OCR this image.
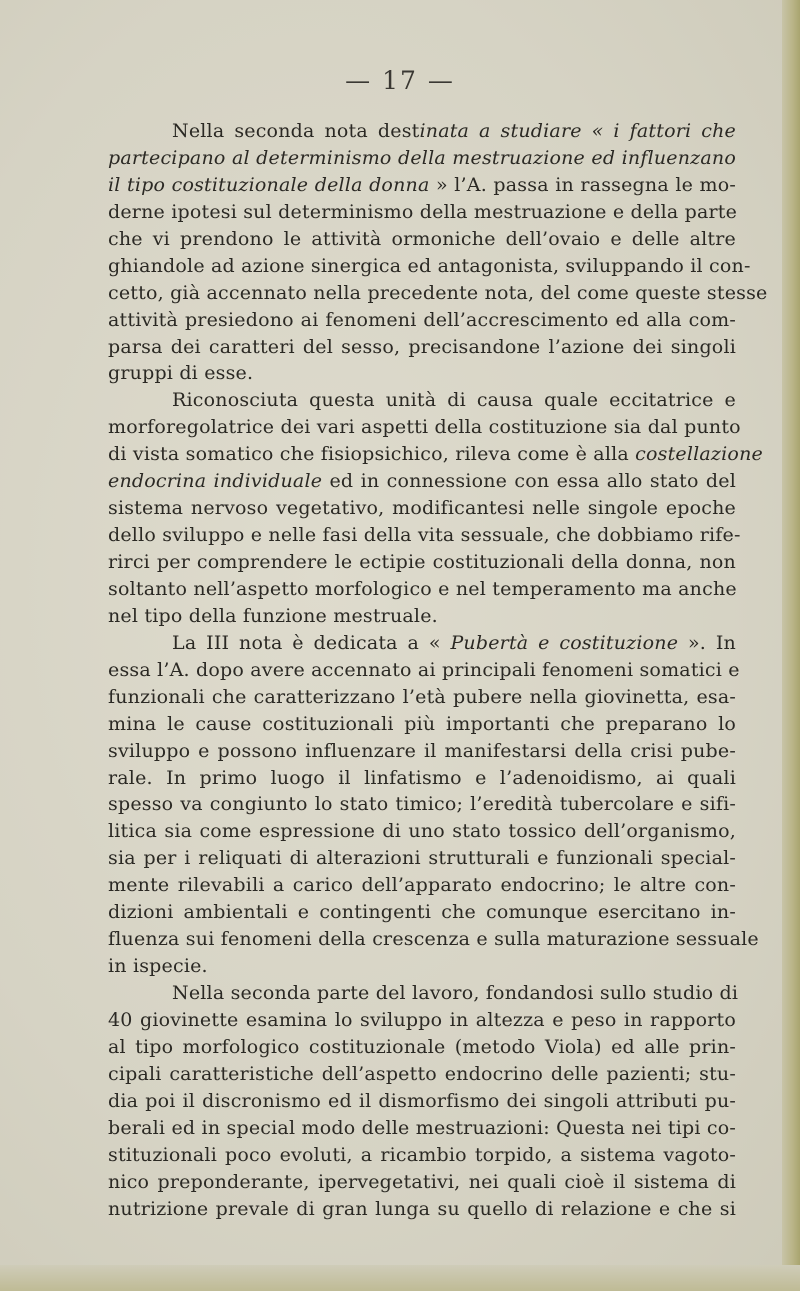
— 17 —
Nella seconda nota destinata a studiare « i fattori che
partecipano al determinismo della mestruazione ed influenzano
il tipo costituzionale della donna » l’A. passa in rassegna le mo-
derne ipotesi sul determinismo della mestruazione e della parte
che vi prendono le attività ormoniche dell’ovaio e delle altre
ghiandole ad azione sinergica ed antagonista, sviluppando il con-
cetto, già accennato nella precedente nota, del come queste stesse
attività presiedono ai fenomeni dell’accrescimento ed alla com-
parsa dei caratteri del sesso, precisandone l’azione dei singoli
gruppi di esse.
Riconosciuta questa unità di causa quale eccitatrice e
morforegolatrice dei vari aspetti della costituzione sia dal punto
di vista somatico che fisiopsichico, rileva come è alla costellazione
endocrina individuale ed in connessione con essa allo stato del
sistema nervoso vegetativo, modificantesi nelle singole epoche
dello sviluppo e nelle fasi della vita sessuale, che dobbiamo rife-
rirci per comprendere le ectipie costituzionali della donna, non
soltanto nell’aspetto morfologico e nel temperamento ma anche
nel tipo della funzione mestruale.
La III nota è dedicata a « Pubertà e costituzione ». In
essa l’A. dopo avere accennato ai principali fenomeni somatici e
funzionali che caratterizzano l’età pubere nella giovinetta, esa-
mina le cause costituzionali più importanti che preparano lo
sviluppo e possono influenzare il manifestarsi della crisi pube-
rale. In primo luogo il linfatismo e l’adenoidismo, ai quali
spesso va congiunto lo stato timico; l’eredità tubercolare e sifi-
litica sia come espressione di uno stato tossico dell’organismo,
sia per i reliquati di alterazioni strutturali e funzionali special-
mente rilevabili a carico dell’apparato endocrino; le altre con-
dizioni ambientali e contingenti che comunque esercitano in-
fluenza sui fenomeni della crescenza e sulla maturazione sessuale
in ispecie.
Nella seconda parte del lavoro, fondandosi sullo studio di
40 giovinette esamina lo sviluppo in altezza e peso in rapporto
al tipo morfologico costituzionale (metodo Viola) ed alle prin-
cipali caratteristiche dell’aspetto endocrino delle pazienti; stu-
dia poi il discronismo ed il dismorfismo dei singoli attributi pu-
berali ed in special modo delle mestruazioni: Questa nei tipi co-
stituzionali poco evoluti, a ricambio torpido, a sistema vagoto-
nico preponderante, ipervegetativi, nei quali cioè il sistema di
nutrizione prevale di gran lunga su quello di relazione e che si
